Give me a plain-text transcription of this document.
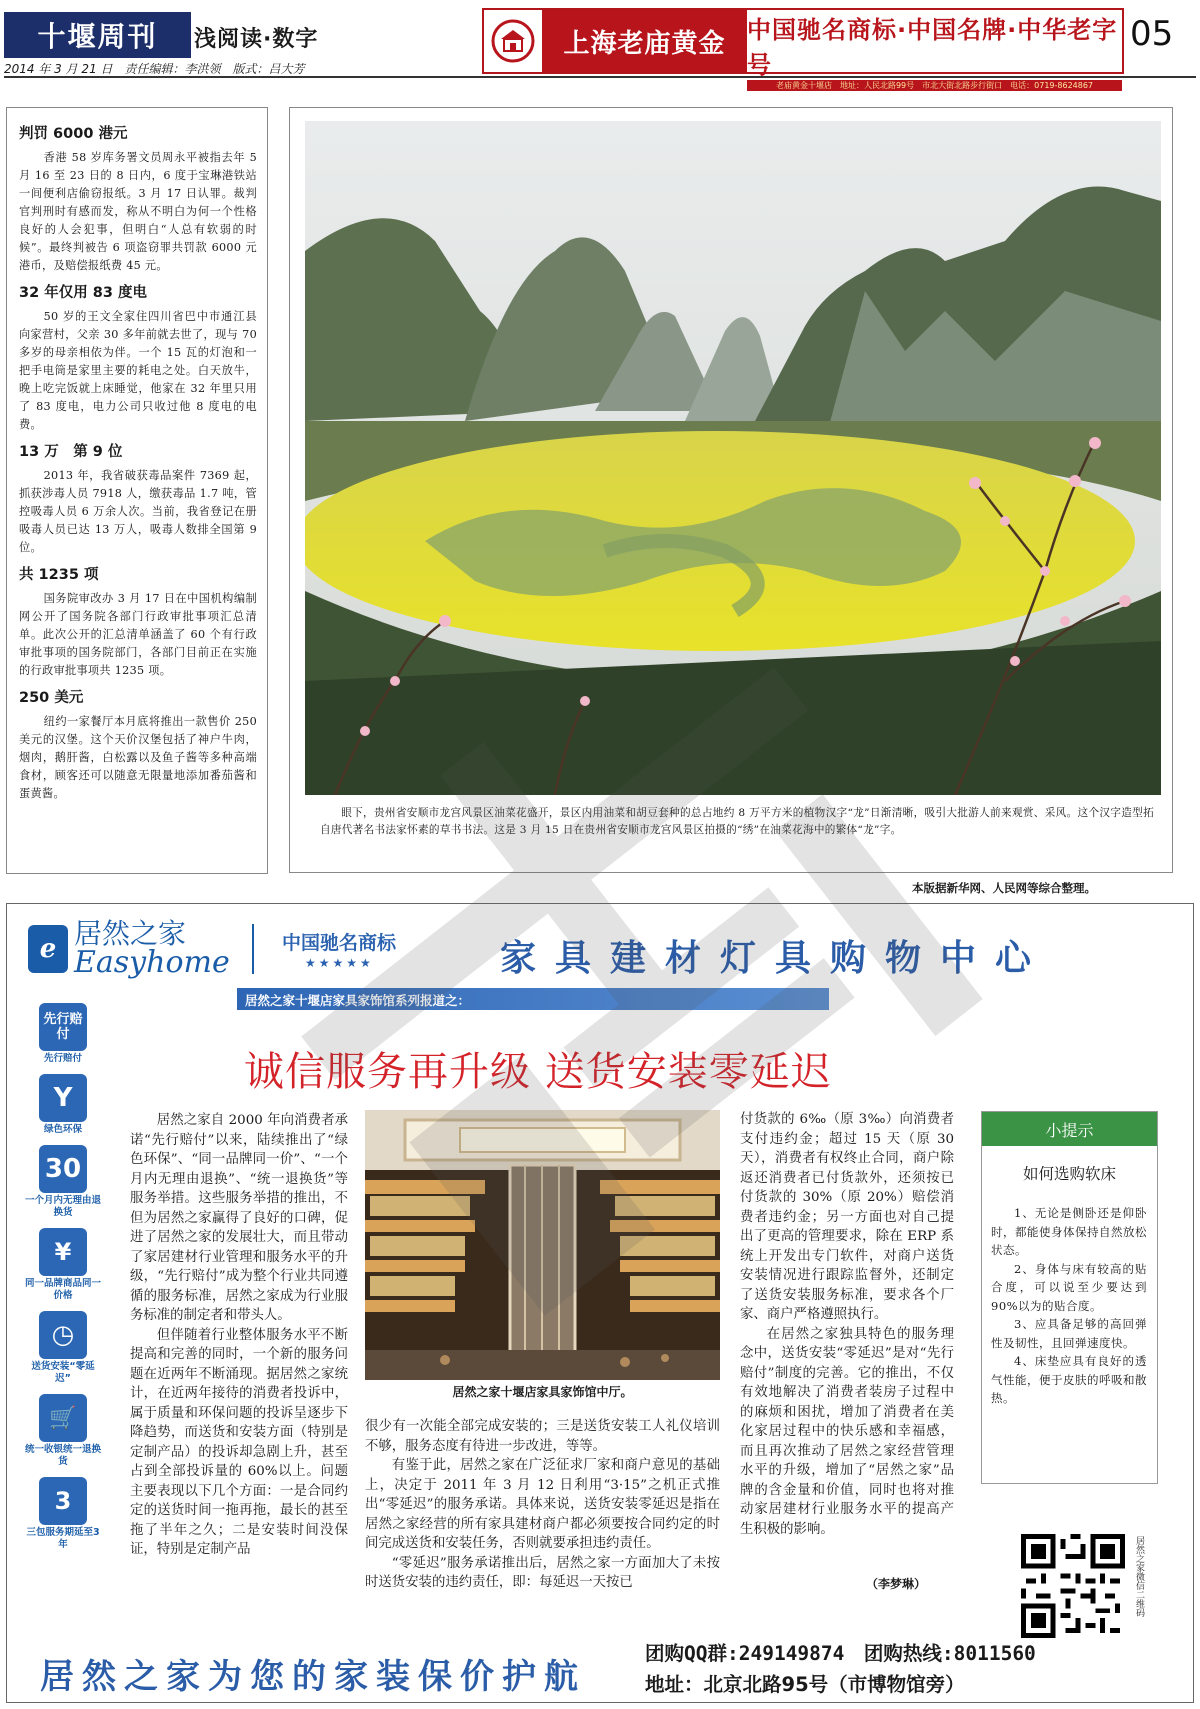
十堰周刊	浅阅读·数字
2014 年 3 月 21 日　责任编辑：李洪领　版式：吕大芳
上海老庙黄金 中国驰名商标·中国名牌·中华老字号
老庙黄金十堰店　地址：人民北路99号　市北大街北路步行街口　电话：0719-8624867
05
判罚 6000 港元

香港 58 岁库务署文员周永平被指去年 5 月 16 至 23 日的 8 日内，6 度于宝琳港铁站一间便利店偷窃报纸。3 月 17 日认罪。裁判官判刑时有感而发，称从不明白为何一个性格良好的人会犯事，但明白“人总有软弱的时候”。最终判被告 6 项盗窃罪共罚款 6000 元港币，及赔偿报纸费 45 元。

32 年仅用 83 度电

50 岁的王文全家住四川省巴中市通江县向家营村，父亲 30 多年前就去世了，现与 70 多岁的母亲相依为伴。一个 15 瓦的灯泡和一把手电筒是家里主要的耗电之处。白天放牛，晚上吃完饭就上床睡觉，他家在 32 年里只用了 83 度电，电力公司只收过他 8 度电的电费。

13 万　第 9 位

2013 年，我省破获毒品案件 7369 起，抓获涉毒人员 7918 人，缴获毒品 1.7 吨，管控吸毒人员 6 万余人次。当前，我省登记在册吸毒人员已达 13 万人，吸毒人数排全国第 9 位。

共 1235 项

国务院审改办 3 月 17 日在中国机构编制网公开了国务院各部门行政审批事项汇总清单。此次公开的汇总清单涵盖了 60 个有行政审批事项的国务院部门，各部门目前正在实施的行政审批事项共 1235 项。

250 美元

纽约一家餐厅本月底将推出一款售价 250 美元的汉堡。这个天价汉堡包括了神户牛肉，烟肉，鹅肝酱，白松露以及鱼子酱等多种高端食材，顾客还可以随意无限量地添加番茄酱和蛋黄酱。

眼下，贵州省安顺市龙宫风景区油菜花盛开，景区内用油菜和胡豆套种的总占地约 8 万平方米的植物汉字“龙”日渐清晰，吸引大批游人前来观赏、采风。这个汉字造型拓自唐代著名书法家怀素的草书书法。这是 3 月 15 日在贵州省安顺市龙宫风景区拍摄的“绣”在油菜花海中的繁体“龙”字。
本版据新华网、人民网等综合整理。
e 居然之家
Easyhome
中国驰名商标
★★★★★	家具建材灯具购物中心
先行赔付
先行赔付
Y
绿色环保
30
一个月内无理由退换货
¥
同一品牌商品同一价格
◷
送货安装“零延迟”
🛒
统一收银统一退换货
3
三包服务期延至3年
居然之家十堰店家具家饰馆系列报道之：
诚信服务再升级 送货安装零延迟

居然之家自 2000 年向消费者承诺“先行赔付”以来，陆续推出了“绿色环保”、“同一品牌同一价”、“一个月内无理由退换”、“统一退换货”等服务举措。这些服务举措的推出，不但为居然之家赢得了良好的口碑，促进了居然之家的发展壮大，而且带动了家居建材行业管理和服务水平的升级，“先行赔付”成为整个行业共同遵循的服务标准，居然之家成为行业服务标准的制定者和带头人。

但伴随着行业整体服务水平不断提高和完善的同时，一个新的服务问题在近两年不断涌现。据居然之家统计，在近两年接待的消费者投诉中，属于质量和环保问题的投诉呈逐步下降趋势，而送货和安装方面（特别是定制产品）的投诉却急剧上升，甚至占到全部投诉量的 60%以上。问题主要表现以下几个方面：一是合同约定的送货时间一拖再拖，最长的甚至拖了半年之久；二是安装时间没保证，特别是定制产品

居然之家十堰店家具家饰馆中厅。

很少有一次能全部完成安装的；三是送货安装工人礼仪培训不够，服务态度有待进一步改进，等等。

有鉴于此，居然之家在广泛征求厂家和商户意见的基础上，决定于 2011 年 3 月 12 日利用“3·15”之机正式推出“零延迟”的服务承诺。具体来说，送货安装零延迟是指在居然之家经营的所有家具建材商户都必须要按合同约定的时间完成送货和安装任务，否则就要承担违约责任。

“零延迟”服务承诺推出后，居然之家一方面加大了未按时送货安装的违约责任，即：每延迟一天按已

付货款的 6‰（原 3‰）向消费者支付违约金；超过 15 天（原 30 天），消费者有权终止合同，商户除返还消费者已付货款外，还须按已付货款的 30%（原 20%）赔偿消费者违约金；另一方面也对自己提出了更高的管理要求，除在 ERP 系统上开发出专门软件，对商户送货安装情况进行跟踪监督外，还制定了送货安装服务标准，要求各个厂家、商户严格遵照执行。

在居然之家独具特色的服务理念中，送货安装“零延迟”是对“先行赔付”制度的完善。它的推出，不仅有效地解决了消费者装房子过程中的麻烦和困扰，增加了消费者在美化家居过程中的快乐感和幸福感，而且再次推动了居然之家经营管理水平的升级，增加了“居然之家”品牌的含金量和价值，同时也将对推动家居建材行业服务水平的提高产生积极的影响。

（李梦琳）
小提示
如何选购软床

1、无论是侧卧还是仰卧时，都能使身体保持自然放松状态。

2、身体与床有较高的贴合度，可以说至少要达到 90%以为的贴合度。

3、应具备足够的高回弹性及韧性，且回弹速度快。

4、床垫应具有良好的透气性能，便于皮肤的呼吸和散热。

居然之家微信二维码
居然之家为您的家装保价护航
团购QQ群:249149874　团购热线:8011560
地址：北京北路95号（市博物馆旁）
